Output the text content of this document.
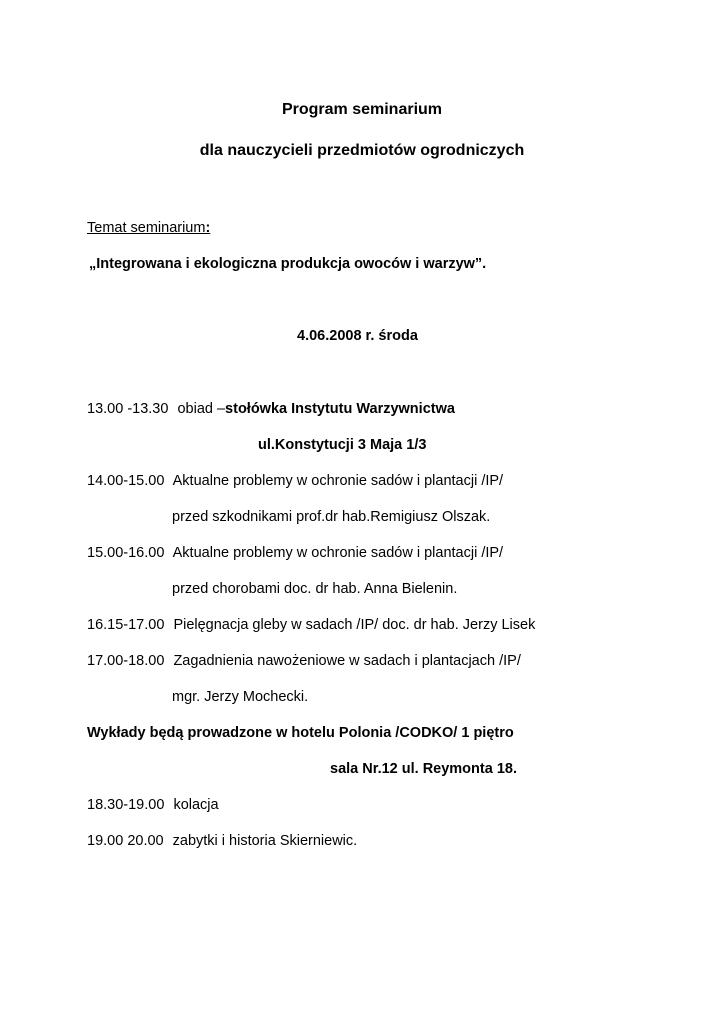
Program seminarium
dla nauczycieli przedmiotów ogrodniczych
Temat seminarium:
„Integrowana i ekologiczna produkcja owoców i warzyw”.
4.06.2008 r. środa
13.00 -13.30 obiad –stołówka Instytutu Warzywnictwa
ul.Konstytucji 3 Maja 1/3
14.00-15.00 Aktualne problemy w ochronie sadów i plantacji /IP/
przed szkodnikami prof.dr hab.Remigiusz Olszak.
15.00-16.00 Aktualne problemy w ochronie sadów i plantacji /IP/
przed chorobami doc. dr hab. Anna Bielenin.
16.15-17.00 Pielęgnacja gleby w sadach /IP/ doc. dr hab. Jerzy Lisek
17.00-18.00 Zagadnienia nawożeniowe w sadach i plantacjach /IP/
mgr. Jerzy Mochecki.
Wykłady będą prowadzone w hotelu Polonia /CODKO/ 1 piętro
sala Nr.12 ul. Reymonta 18.
18.30-19.00 kolacja
19.00 20.00 zabytki i historia Skierniewic.
